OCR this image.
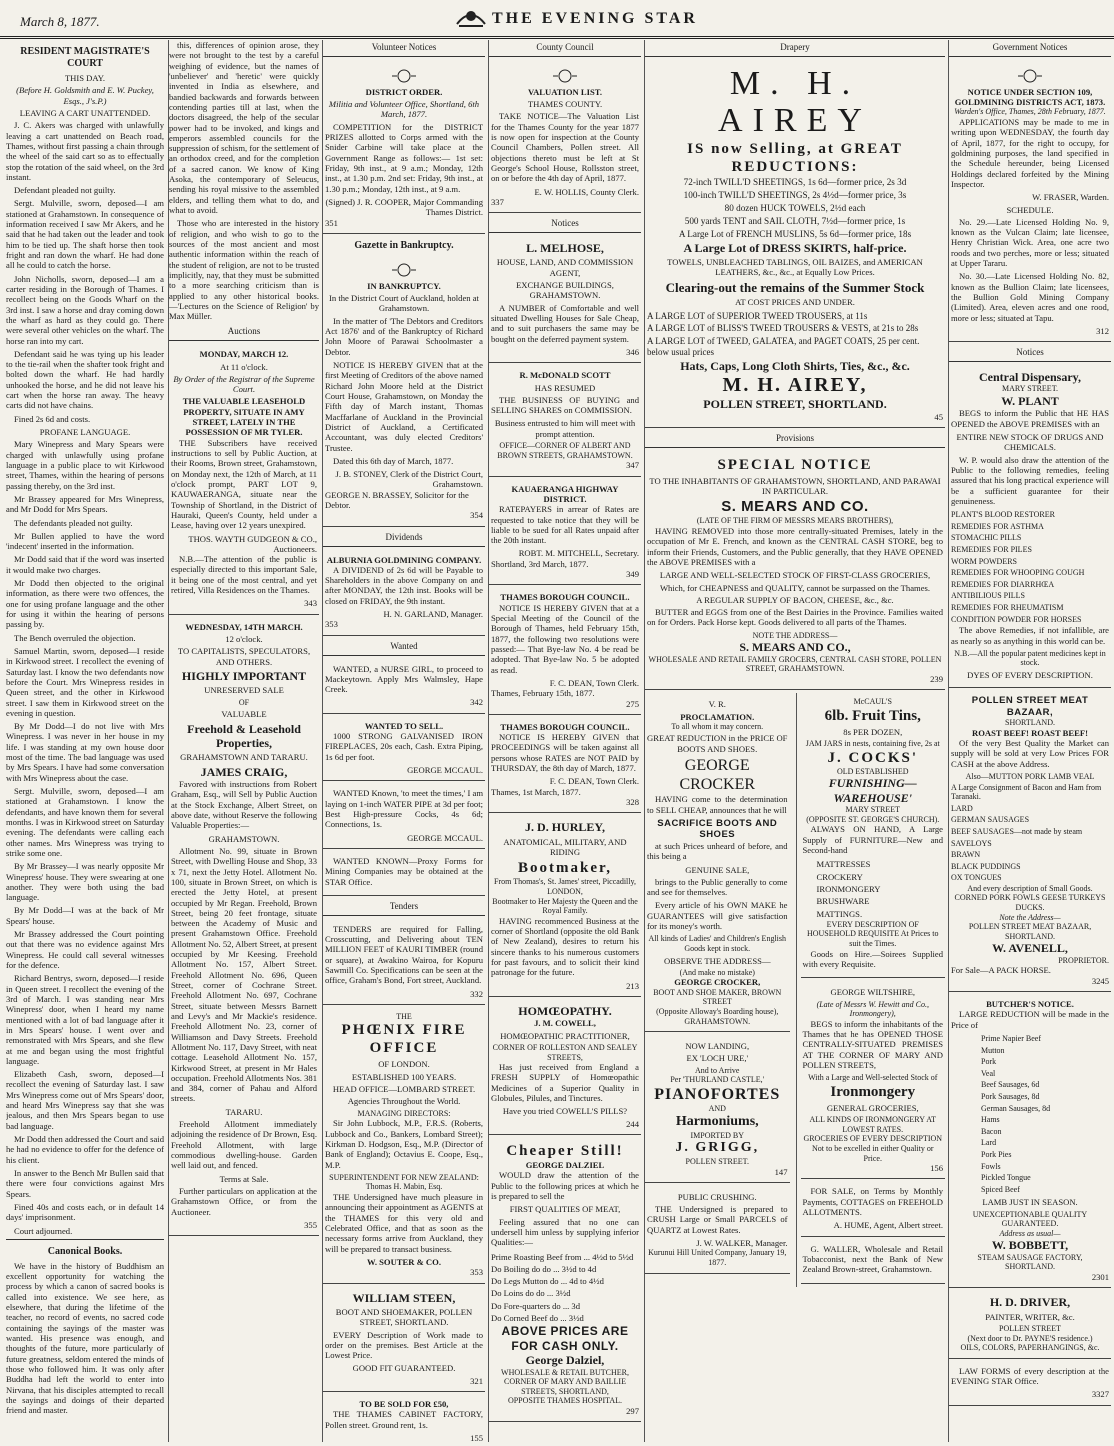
March 8, 1877.	THE EVENING STAR
RESIDENT MAGISTRATE'S COURT
THIS DAY.
(Before H. Goldsmith and E. W. Puckey, Esqs., J's.P.)
LEAVING A CART UNATTENDED.

J. C. Akers was charged with unlawfully leaving a cart unattended on Beach road, Thames, without first passing a chain through the wheel of the said cart so as to effectually stop the rotation of the said wheel, on the 3rd instant.

Defendant pleaded not guilty.

Sergt. Mulville, sworn, deposed—I am stationed at Grahamstown. In consequence of information received I saw Mr Akers, and he said that he had taken out the leader and took him to be tied up. The shaft horse then took fright and ran down the wharf. He had done all he could to catch the horse.

John Nicholls, sworn, deposed—I am a carter residing in the Borough of Thames. I recollect being on the Goods Wharf on the 3rd inst. I saw a horse and dray coming down the wharf as hard as they could go. There were several other vehicles on the wharf. The horse ran into my cart.

Defendant said he was tying up his leader to the tie-rail when the shafter took fright and bolted down the wharf. He had hardly unhooked the horse, and he did not leave his cart when the horse ran away. The heavy carts did not have chains.

Fined 2s 6d and costs.

PROFANE LANGUAGE.

Mary Winepress and Mary Spears were charged with unlawfully using profane language in a public place to wit Kirkwood street, Thames, within the hearing of persons passing thereby, on the 3rd inst.

Mr Brassey appeared for Mrs Winepress, and Mr Dodd for Mrs Spears.

The defendants pleaded not guilty.

Mr Bullen applied to have the word 'indecent' inserted in the information.

Mr Dodd said that if the word was inserted it would make two charges.

Mr Dodd then objected to the original information, as there were two offences, the one for using profane language and the other for using it within the hearing of persons passing by.

The Bench overruled the objection.

Samuel Martin, sworn, deposed—I reside in Kirkwood street. I recollect the evening of Saturday last. I know the two defendants now before the Court. Mrs Winepress resides in Queen street, and the other in Kirkwood street. I saw them in Kirkwood street on the evening in question.

By Mr Dodd—I do not live with Mrs Winepress. I was never in her house in my life. I was standing at my own house door most of the time. The bad language was used by Mrs Spears. I have had some conversation with Mrs Winepress about the case.

Sergt. Mulville, sworn, deposed—I am stationed at Grahamstown. I know the defendants, and have known them for several months. I was in Kirkwood street on Saturday evening. The defendants were calling each other names. Mrs Winepress was trying to strike some one.

By Mr Brassey—I was nearly opposite Mr Winepress' house. They were swearing at one another. They were both using the bad language.

By Mr Dodd—I was at the back of Mr Spears' house.

Mr Brassey addressed the Court pointing out that there was no evidence against Mrs Winepress. He could call several witnesses for the defence.

Richard Bentrys, sworn, deposed—I reside in Queen street. I recollect the evening of the 3rd of March. I was standing near Mrs Winepress' door, when I heard my name mentioned with a lot of bad language after it in Mrs Spears' house. I went over and remonstrated with Mrs Spears, and she flew at me and began using the most frightful language.

Elizabeth Cash, sworn, deposed—I recollect the evening of Saturday last. I saw Mrs Winepress come out of Mrs Spears' door, and heard Mrs Winepress say that she was jealous, and then Mrs Spears began to use bad language.

Mr Dodd then addressed the Court and said he had no evidence to offer for the defence of his client.

In answer to the Bench Mr Bullen said that there were four convictions against Mrs Spears.

Fined 40s and costs each, or in default 14 days' imprisonment.

Court adjourned.

Canonical Books.

We have in the history of Buddhism an excellent opportunity for watching the process by which a canon of sacred books is called into existence. We see here, as elsewhere, that during the lifetime of the teacher, no record of events, no sacred code containing the sayings of the master was wanted. His presence was enough, and thoughts of the future, more particularly of future greatness, seldom entered the minds of those who followed him. It was only after Buddha had left the world to enter into Nirvana, that his disciples attempted to recall the sayings and doings of their departed friend and master.

this, differences of opinion arose, they were not brought to the test by a careful weighing of evidence, but the names of 'unbeliever' and 'heretic' were quickly invented in India as elsewhere, and bandied backwards and forwards between contending parties till at last, when the doctors disagreed, the help of the secular power had to be invoked, and kings and emperors assembled councils for the suppression of schism, for the settlement of an orthodox creed, and for the completion of a sacred canon. We know of King Asoka, the contemporary of Seleucus, sending his royal missive to the assembled elders, and telling them what to do, and what to avoid.

Those who are interested in the history of religion, and who wish to go to the sources of the most ancient and most authentic information within the reach of the student of religion, are not to be trusted implicitly, nay, that they must be submitted to a more searching criticism than is applied to any other historical books.—'Lectures on the Science of Religion' by Max Müller.

Auctions
MONDAY, MARCH 12.
At 11 o'clock.
By Order of the Registrar of the Supreme Court.
THE VALUABLE LEASEHOLD PROPERTY, SITUATE IN AMY STREET, LATELY IN THE POSSESSION OF MR TYLER.

THE Subscribers have received instructions to sell by Public Auction, at their Rooms, Brown street, Grahamstown, on Monday next, the 12th of March, at 11 o'clock prompt, PART LOT 9, KAUWAERANGA, situate near the Township of Shortland, in the District of Hauraki, Queen's County, held under a Lease, having over 12 years unexpired.

THOS. WAYTH GUDGEON & CO., Auctioneers.

N.B.—The attention of the public is especially directed to this important Sale, it being one of the most central, and yet retired, Villa Residences on the Thames.

343
WEDNESDAY, 14TH MARCH.
12 o'clock.
TO CAPITALISTS, SPECULATORS, AND OTHERS.
HIGHLY IMPORTANT
UNRESERVED SALE
OF
VALUABLE
Freehold & Leasehold Properties,
GRAHAMSTOWN AND TARARU.
JAMES CRAIG,

Favored with instructions from Robert Graham, Esq., will Sell by Public Auction at the Stock Exchange, Albert Street, on above date, without Reserve the following Valuable Properties:—

GRAHAMSTOWN.

Allotment No. 99, situate in Brown Street, with Dwelling House and Shop, 33 x 71, next the Jetty Hotel. Allotment No. 100, situate in Brown Street, on which is erected the Jetty Hotel, at present occupied by Mr Regan. Freehold, Brown Street, being 20 feet frontage, situate between the Academy of Music and present Grahamstown Office. Freehold Allotment No. 52, Albert Street, at present occupied by Mr Keesing. Freehold Allotment No. 157, Albert Street. Freehold Allotment No. 696, Queen Street, corner of Cochrane Street. Freehold Allotment No. 697, Cochrane Street, situate between Messrs Barnett and Levy's and Mr Mackie's residence. Freehold Allotment No. 23, corner of Williamson and Davy Streets. Freehold Allotment No. 117, Davy Street, with neat cottage. Leasehold Allotment No. 157, Kirkwood Street, at present in Mr Hales occupation. Freehold Allotments Nos. 381 and 384, corner of Pahau and Alford streets.

TARARU.

Freehold Allotment immediately adjoining the residence of Dr Brown, Esq. Freehold Allotment, with large commodious dwelling-house. Garden well laid out, and fenced.

Terms at Sale.

Further particulars on application at the Grahamstown Office, or from the Auctioneer.

355
Volunteer Notices
DISTRICT ORDER.
Militia and Volunteer Office, Shortland, 6th March, 1877.

COMPETITION for the DISTRICT PRIZES allotted to Corps armed with the Snider Carbine will take place at the Government Range as follows:— 1st set: Friday, 9th inst., at 9 a.m.; Monday, 12th inst., at 1.30 p.m. 2nd set: Friday, 9th inst., at 1.30 p.m.; Monday, 12th inst., at 9 a.m.

(Signed) J. R. COOPER, Major Commanding Thames District.
351
Gazette in Bankruptcy.
IN BANKRUPTCY.
In the District Court of Auckland, holden at Grahamstown.

In the matter of 'The Debtors and Creditors Act 1876' and of the Bankruptcy of Richard John Moore of Parawai Schoolmaster a Debtor.

NOTICE IS HEREBY GIVEN that at the first Meeting of Creditors of the above named Richard John Moore held at the District Court House, Grahamstown, on Monday the Fifth day of March instant, Thomas Macffarlane of Auckland in the Provincial District of Auckland, a Certificated Accountant, was duly elected Creditors' Trustee.

Dated this 6th day of March, 1877.

J. B. STONEY, Clerk of the District Court, Grahamstown.
GEORGE N. BRASSEY, Solicitor for the Debtor.
354
Dividends
ALBURNIA GOLDMINING COMPANY.

A DIVIDEND of 2s 6d will be Payable to Shareholders in the above Company on and after MONDAY, the 12th inst. Books will be closed on FRIDAY, the 9th instant.

H. N. GARLAND, Manager.
353
Wanted

WANTED, a NURSE GIRL, to proceed to Mackeytown. Apply Mrs Walmsley, Hape Creek.

342
WANTED TO SELL.

1000 STRONG GALVANISED IRON FIREPLACES, 20s each, Cash. Extra Piping, 1s 6d per foot.

GEORGE MCCAUL.

WANTED Known, 'to meet the times,' I am laying on 1-inch WATER PIPE at 3d per foot; Best High-pressure Cocks, 4s 6d; Connections, 1s.

GEORGE MCCAUL.

WANTED KNOWN—Proxy Forms for Mining Companies may be obtained at the STAR Office.

Tenders

TENDERS are required for Falling, Crosscutting, and Delivering about TEN MILLION FEET of KAURI TIMBER (round or square), at Awakino Wairoa, for Kopuru Sawmill Co. Specifications can be seen at the office, Graham's Bond, Fort street, Auckland.

332
THE
PHŒNIX FIRE OFFICE
OF LONDON.
ESTABLISHED 100 YEARS.
HEAD OFFICE—LOMBARD STREET.
Agencies Throughout the World.
MANAGING DIRECTORS:

Sir John Lubbock, M.P., F.R.S. (Roberts, Lubbock and Co., Bankers, Lombard Street); Kirkman D. Hodgson, Esq., M.P. (Director of Bank of England); Octavius E. Coope, Esq., M.P.

SUPERINTENDENT FOR NEW ZEALAND: Thomas H. Mabin, Esq.

THE Undersigned have much pleasure in announcing their appointment as AGENTS at the THAMES for this very old and Celebrated Office, and that as soon as the necessary forms arrive from Auckland, they will be prepared to transact business.

W. SOUTER & CO.
353
WILLIAM STEEN,
BOOT AND SHOEMAKER, POLLEN STREET, SHORTLAND.

EVERY Description of Work made to order on the premises. Best Article at the Lowest Price.

GOOD FIT GUARANTEED.
321
TO BE SOLD FOR £50,

THE THAMES CABINET FACTORY, Pollen street. Ground rent, 1s.

155
County Council
VALUATION LIST.
THAMES COUNTY.

TAKE NOTICE—The Valuation List for the Thames County for the year 1877 is now open for inspection at the County Council Chambers, Pollen street. All objections thereto must be left at St George's School House, Rollsston street, on or before the 4th day of April, 1877.

E. W. HOLLIS, County Clerk.
337
Notices
L. MELHOSE,
HOUSE, LAND, AND COMMISSION AGENT,
EXCHANGE BUILDINGS, GRAHAMSTOWN.

A NUMBER of Comfortable and well situated Dwelling Houses for Sale Cheap, and to suit purchasers the same may be bought on the deferred payment system.

346
R. McDONALD SCOTT
HAS RESUMED

THE BUSINESS OF BUYING and SELLING SHARES on COMMISSION.

Business entrusted to him will meet with prompt attention.
OFFICE—CORNER OF ALBERT AND BROWN STREETS, GRAHAMSTOWN.
347
KAUAERANGA HIGHWAY DISTRICT.

RATEPAYERS in arrear of Rates are requested to take notice that they will be liable to be sued for all Rates unpaid after the 20th instant.

ROBT. M. MITCHELL, Secretary.
Shortland, 3rd March, 1877.
349
THAMES BOROUGH COUNCIL.

NOTICE IS HEREBY GIVEN that at a Special Meeting of the Council of the Borough of Thames, held February 15th, 1877, the following two resolutions were passed:— That Bye-law No. 4 be read be adopted. That Bye-law No. 5 be adopted as read.

F. C. DEAN, Town Clerk.
Thames, February 15th, 1877.
275
THAMES BOROUGH COUNCIL.

NOTICE IS HEREBY GIVEN that PROCEEDINGS will be taken against all persons whose RATES are NOT PAID by THURSDAY, the 8th day of March, 1877.

F. C. DEAN, Town Clerk.
Thames, 1st March, 1877.
328
J. D. HURLEY,
ANATOMICAL, MILITARY, AND RIDING
Bootmaker,
From Thomas's, St. James' street, Piccadilly, LONDON,
Bootmaker to Her Majesty the Queen and the Royal Family.

HAVING recommenced Business at the corner of Shortland (opposite the old Bank of New Zealand), desires to return his sincere thanks to his numerous customers for past favours, and to solicit their kind patronage for the future.

213
HOMŒOPATHY.
J. M. COWELL,
HOMŒOPATHIC PRACTITIONER,
CORNER OF ROLLESTON AND SEALEY STREETS,

Has just received from England a FRESH SUPPLY of Homœopathic Medicines of a Superior Quality in Globules, Pilules, and Tinctures.

Have you tried COWELL'S PILLS?
244
Cheaper Still!
GEORGE DALZIEL

WOULD draw the attention of the Public to the following prices at which he is prepared to sell the

FIRST QUALITIES OF MEAT,

Feeling assured that no one can undersell him unless by supplying inferior Qualities:—

Prime Roasting Beef from ... 4½d to 5½d
Do Boiling do do ... 3½d to 4d
Do Legs Mutton do ... 4d to 4½d
Do Loins do do ... 3½d
Do Fore-quarters do ... 3d
Do Corned Beef do ... 3½d
ABOVE PRICES ARE FOR CASH ONLY.
George Dalziel,
WHOLESALE & RETAIL BUTCHER,
CORNER OF MARY AND BAILLIE STREETS, SHORTLAND,
OPPOSITE THAMES HOSPITAL.
297
Drapery
M. H. AIREY
IS now Selling, at GREAT REDUCTIONS:
72-inch TWILL'D SHEETINGS, 1s 6d—former price, 2s 3d
100-inch TWILL'D SHEETINGS, 2s 4½d—former price, 3s
80 dozen HUCK TOWELS, 2½d each
500 yards TENT and SAIL CLOTH, 7½d—former price, 1s
A Large Lot of FRENCH MUSLINS, 5s 6d—former price, 18s
A Large Lot of DRESS SKIRTS, half-price.
TOWELS, UNBLEACHED TABLINGS, OIL BAIZES, and AMERICAN LEATHERS, &c., &c., at Equally Low Prices.
Clearing-out the remains of the Summer Stock
AT COST PRICES AND UNDER.
A LARGE LOT of SUPERIOR TWEED TROUSERS, at 11s
A LARGE LOT of BLISS'S TWEED TROUSERS & VESTS, at 21s to 28s
A LARGE LOT of TWEED, GALATEA, and PAGET COATS, 25 per cent. below usual prices
Hats, Caps, Long Cloth Shirts, Ties, &c., &c.
M. H. AIREY,
POLLEN STREET, SHORTLAND.
45
Provisions
SPECIAL NOTICE
TO THE INHABITANTS OF GRAHAMSTOWN, SHORTLAND, AND PARAWAI IN PARTICULAR.
S. MEARS AND CO.
(LATE OF THE FIRM OF MESSRS MEARS BROTHERS),

HAVING REMOVED into those more centrally-situated Premises, lately in the occupation of Mr E. French, and known as the CENTRAL CASH STORE, beg to inform their Friends, Customers, and the Public generally, that they HAVE OPENED the ABOVE PREMISES with a

LARGE AND WELL-SELECTED STOCK OF FIRST-CLASS GROCERIES,
Which, for CHEAPNESS and QUALITY, cannot be surpassed on the Thames.
A REGULAR SUPPLY OF BACON, CHEESE, &c., &c.

BUTTER and EGGS from one of the Best Dairies in the Province. Families waited on for Orders. Pack Horse kept. Goods delivered to all parts of the Thames.

NOTE THE ADDRESS—
S. MEARS AND CO.,
WHOLESALE AND RETAIL FAMILY GROCERS, CENTRAL CASH STORE, POLLEN STREET, GRAHAMSTOWN.
239
V. R.
PROCLAMATION.
To all whom it may concern.
GREAT REDUCTION in the PRICE OF BOOTS AND SHOES.
GEORGE CROCKER

HAVING come to the determination to SELL CHEAP, announces that he will

SACRIFICE BOOTS AND SHOES

at such Prices unheard of before, and this being a

GENUINE SALE,

brings to the Public generally to come and see for themselves.

Every article of his OWN MAKE he GUARANTEES will give satisfaction for its money's worth.

All kinds of Ladies' and Children's English Goods kept in stock.
OBSERVE THE ADDRESS—
(And make no mistake)
GEORGE CROCKER,
BOOT AND SHOE MAKER, BROWN STREET
(Opposite Alloway's Boarding house), GRAHAMSTOWN.
NOW LANDING,
EX 'LOCH URE,'
And to Arrive
Per 'THURLAND CASTLE,'
PIANOFORTES
AND
Harmoniums,
IMPORTED BY
J. GRIGG,
POLLEN STREET.
147
PUBLIC CRUSHING.

THE Undersigned is prepared to CRUSH Large or Small PARCELS of QUARTZ at Lowest Rates.

J. W. WALKER, Manager.
Kurunui Hill United Company, January 19, 1877.
McCAUL'S
6lb. Fruit Tins,
8s PER DOZEN,
JAM JARS in nests, containing five, 2s at
J. COCKS'
OLD ESTABLISHED
FURNISHING—WAREHOUSE'
MARY STREET
(OPPOSITE ST. GEORGE'S CHURCH).

ALWAYS ON HAND, A Large Supply of FURNITURE—New and Second-hand

MATTRESSES
CROCKERY
IRONMONGERY
BRUSHWARE
MATTINGS.
EVERY DESCRIPTION OF HOUSEHOLD REQUISITE At Prices to suit the Times.

Goods on Hire.—Soirees Supplied with every Requisite.

GEORGE WILTSHIRE,
(Late of Messrs W. Hewitt and Co., Ironmongery),

BEGS to inform the inhabitants of the Thames that he has OPENED THOSE CENTRALLY-SITUATED PREMISES AT THE CORNER OF MARY AND POLLEN STREETS,

With a Large and Well-selected Stock of
Ironmongery
GENERAL GROCERIES,
ALL KINDS OF IRONMONGERY AT LOWEST RATES.
GROCERIES OF EVERY DESCRIPTION Not to be excelled in either Quality or Price.
156

FOR SALE, on Terms by Monthly Payments, COTTAGES on FREEHOLD ALLOTMENTS.

A. HUME, Agent, Albert street.

G. WALLER, Wholesale and Retail Tobacconist, next the Bank of New Zealand Brown-street, Grahamstown.

Government Notices
NOTICE UNDER SECTION 109, GOLDMINING DISTRICTS ACT, 1873.
Warden's Office, Thames, 28th February, 1877.

APPLICATIONS may be made to me in writing upon WEDNESDAY, the fourth day of April, 1877, for the right to occupy, for goldmining purposes, the land specified in the Schedule hereunder, being Licensed Holdings declared forfeited by the Mining Inspector.

W. FRASER, Warden.
SCHEDULE.

No. 29.—Late Licensed Holding No. 9, known as the Vulcan Claim; late licensee, Henry Christian Wick. Area, one acre two roods and two perches, more or less; situated at Upper Tararu.

No. 30.—Late Licensed Holding No. 82, known as the Bullion Claim; late licensees, the Bullion Gold Mining Company (Limited). Area, eleven acres and one rood, more or less; situated at Tapu.

312
Notices
Central Dispensary,
MARY STREET.
W. PLANT

BEGS to inform the Public that HE HAS OPENED the ABOVE PREMISES with an

ENTIRE NEW STOCK OF DRUGS AND CHEMICALS.

W. P. would also draw the attention of the Public to the following remedies, feeling assured that his long practical experience will be a sufficient guarantee for their genuineness.

PLANT'S BLOOD RESTORER
REMEDIES FOR ASTHMA
STOMACHIC PILLS
REMEDIES FOR PILES
WORM POWDERS
REMEDIES FOR WHOOPING COUGH
REMEDIES FOR DIARRHŒA
ANTIBILIOUS PILLS
REMEDIES FOR RHEUMATISM
CONDITION POWDER FOR HORSES

The above Remedies, if not infallible, are as nearly so as anything in this world can be.

N.B.—All the popular patent medicines kept in stock.
DYES OF EVERY DESCRIPTION.
POLLEN STREET MEAT BAZAAR,
SHORTLAND.
ROAST BEEF! ROAST BEEF!

Of the very Best Quality the Market can supply will be sold at very Low Prices FOR CASH at the above Address.

Also—MUTTON PORK LAMB VEAL
A Large Consignment of Bacon and Ham from Taranaki.
LARD
GERMAN SAUSAGES
BEEF SAUSAGES—not made by steam
SAVELOYS
BRAWN
BLACK PUDDINGS
OX TONGUES
And every description of Small Goods.
CORNED PORK FOWLS GEESE TURKEYS DUCKS.
Note the Address—
POLLEN STREET MEAT BAZAAR, SHORTLAND.
W. AVENELL,
PROPRIETOR.
For Sale—A PACK HORSE.
3245
BUTCHER'S NOTICE.

LARGE REDUCTION will be made in the Price of

Prime Napier Beef
Mutton
Pork
Veal
Beef Sausages, 6d
Pork Sausages, 8d
German Sausages, 8d
Hams
Bacon
Lard
Pork Pies
Fowls
Pickled Tongue
Spiced Beef
LAMB JUST IN SEASON.
UNEXCEPTIONABLE QUALITY GUARANTEED.
Address as usual—
W. BOBBETT,
STEAM SAUSAGE FACTORY,
SHORTLAND.
2301
H. D. DRIVER,
PAINTER, WRITER, &c.
POLLEN STREET
(Next door to Dr. PAYNE'S residence.)
OILS, COLORS, PAPERHANGINGS, &c.

LAW FORMS of every description at the EVENING STAR Office.

3327
